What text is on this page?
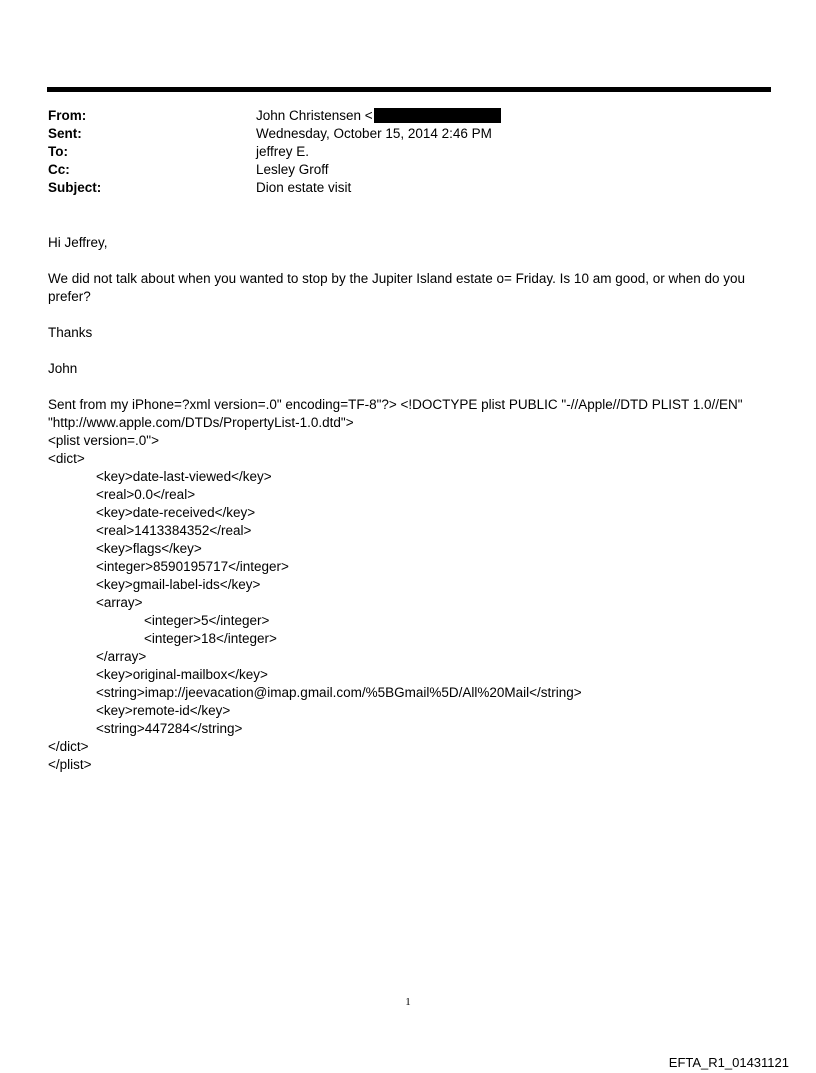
From:	John Christensen <
Sent:	Wednesday, October 15, 2014 2:46 PM
To:	jeffrey E.
Cc:	Lesley Groff
Subject:	Dion estate visit

Hi Jeffrey,

We did not talk about when you wanted to stop by the Jupiter Island estate o= Friday. Is 10 am good, or when do you prefer?

Thanks

John

Sent from my iPhone=?xml version=.0" encoding=TF-8"?> <!DOCTYPE plist PUBLIC "-//Apple//DTD PLIST 1.0//EN" "http://www.apple.com/DTDs/PropertyList-1.0.dtd">

<plist version=.0">
<dict>
<key>date-last-viewed</key>
<real>0.0</real>
<key>date-received</key>
<real>1413384352</real>
<key>flags</key>
<integer>8590195717</integer>
<key>gmail-label-ids</key>
<array>
<integer>5</integer>
<integer>18</integer>
</array>
<key>original-mailbox</key>
<string>imap://jeevacation@imap.gmail.com/%5BGmail%5D/All%20Mail</string>
<key>remote-id</key>
<string>447284</string>
</dict>
</plist>
1
EFTA_R1_01431121
